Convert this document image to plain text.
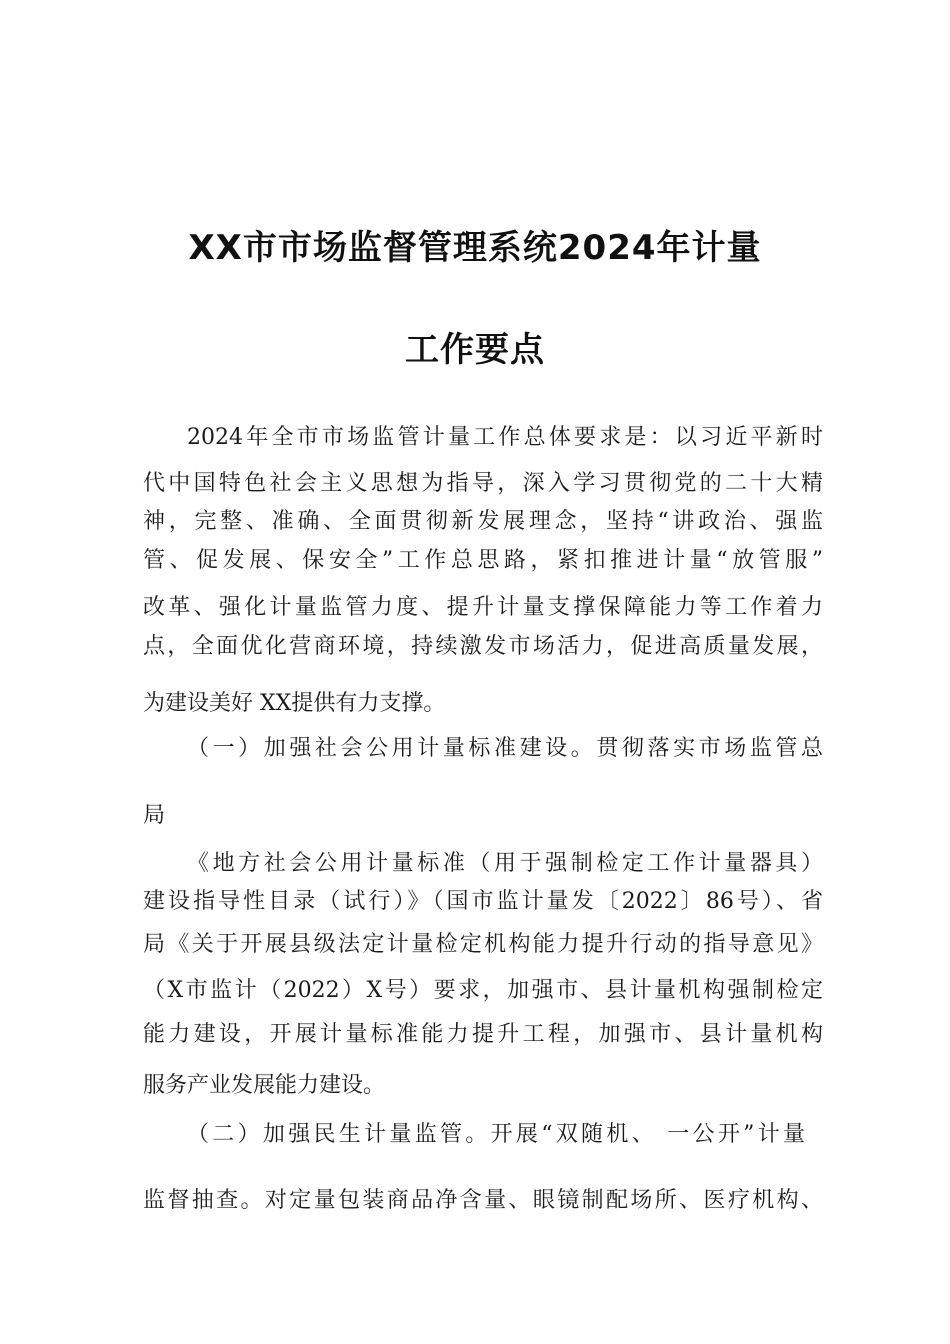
XX市市场监督管理系统2024年计量
工作要点
2024年全市市场监管计量工作总体要求是：以习近平新时
代中国特色社会主义思想为指导，深入学习贯彻党的二十大精
神，完整、准确、全面贯彻新发展理念，坚持“讲政治、强监
管、促发展、保安全”工作总思路，紧扣推进计量“放管服”
改革、强化计量监管力度、提升计量支撑保障能力等工作着力
点，全面优化营商环境，持续激发市场活力，促进高质量发展，
为建设美好 XX提供有力支撑。
（一）加强社会公用计量标准建设。贯彻落实市场监管总
局
《地方社会公用计量标准（用于强制检定工作计量器具）
建设指导性目录（试行）》（国市监计量发〔2022〕86号）、省
局《关于开展县级法定计量检定机构能力提升行动的指导意见》
（X市监计（2022）X号）要求，加强市、县计量机构强制检定
能力建设，开展计量标准能力提升工程，加强市、县计量机构
服务产业发展能力建设。
（二）加强民生计量监管。开展“双随机、 一公开”计量
监督抽查。对定量包装商品净含量、眼镜制配场所、医疗机构、
